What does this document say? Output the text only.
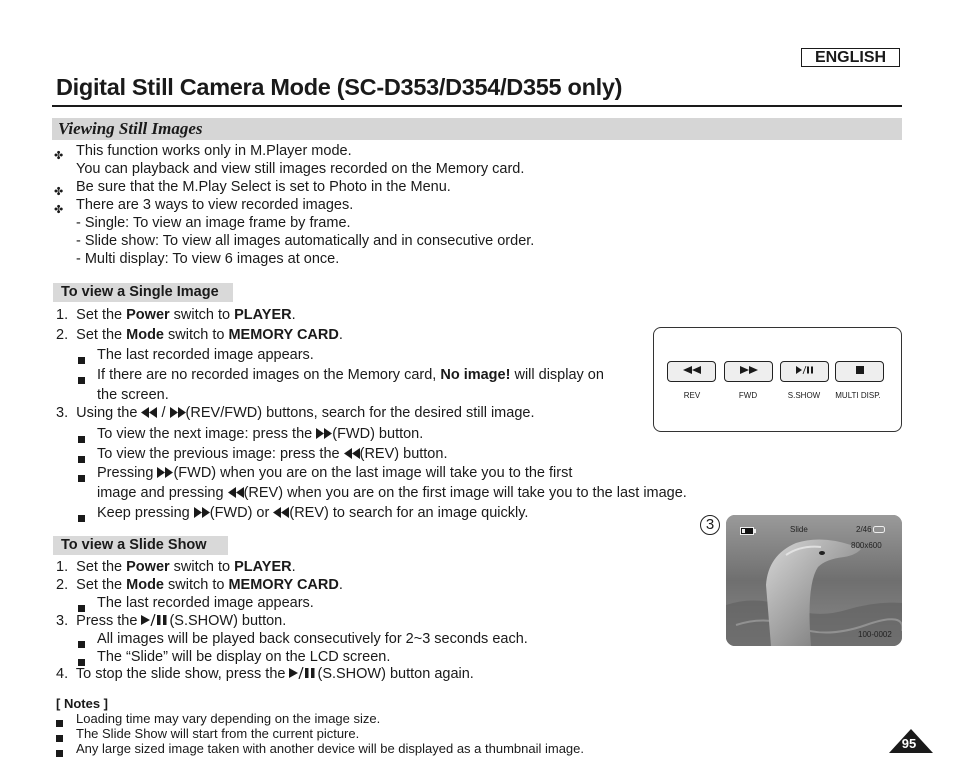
ENGLISH
Digital Still Camera Mode (SC-D353/D354/D355 only)
Viewing Still Images
✤ This function works only in M.Player mode.
You can playback and view still images recorded on the Memory card.
✤ Be sure that the M.Play Select is set to Photo in the Menu.
✤ There are 3 ways to view recorded images.
- Single: To view an image frame by frame.
- Slide show: To view all images automatically and in consecutive order.
- Multi display: To view 6 images at once.
To view a Single Image
1. Set the Power switch to PLAYER.
2. Set the Mode switch to MEMORY CARD.
The last recorded image appears.
If there are no recorded images on the Memory card, No image! will display on
the screen.
3. Using the  / (REV/FWD) buttons, search for the desired still image.
To view the next image: press the (FWD) button.
To view the previous image: press the (REV) button.
Pressing (FWD) when you are on the last image will take you to the first
image and pressing (REV) when you are on the first image will take you to the last image.
Keep pressing (FWD) or (REV) to search for an image quickly.
To view a Slide Show
1. Set the Power switch to PLAYER.
2. Set the Mode switch to MEMORY CARD.
The last recorded image appears.
3. Press the (S.SHOW) button.
All images will be played back consecutively for 2~3 seconds each.
The “Slide” will be display on the LCD screen.
4. To stop the slide show, press the (S.SHOW) button again.
[ Notes ]
Loading time may vary depending on the image size.
The Slide Show will start from the current picture.
Any large sized image taken with another device will be displayed as a thumbnail image.
REV	FWD	S.SHOW	MULTI DISP.
3	Slide	2/46
800x600
100-0002
95
